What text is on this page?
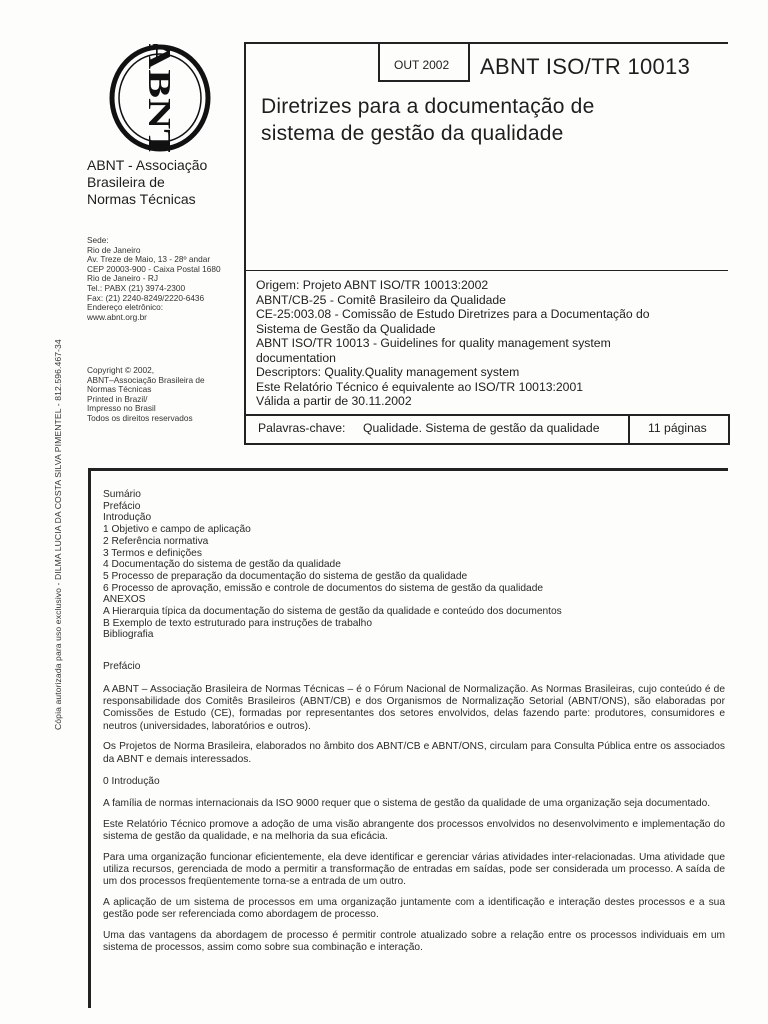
Cópia autorizada para uso exclusivo - DILMA LUCIA DA COSTA SILVA PIMENTEL - 812.596.467-34
ABNT
ABNT - Associação
Brasileira de
Normas Técnicas
Sede:
Rio de Janeiro
Av. Treze de Maio, 13 - 28º andar
CEP 20003-900 - Caixa Postal 1680
Rio de Janeiro - RJ
Tel.: PABX (21) 3974-2300
Fax: (21) 2240-8249/2220-6436
Endereço eletrônico:
www.abnt.org.br
Copyright © 2002,
ABNT–Associação Brasileira de
Normas Técnicas
Printed in Brazil/
Impresso no Brasil
Todos os direitos reservados
OUT 2002 ABNT ISO/TR 10013
Diretrizes para a documentação de
sistema de gestão da qualidade
Origem: Projeto ABNT ISO/TR 10013:2002
ABNT/CB-25 - Comitê Brasileiro da Qualidade
CE-25:003.08 - Comissão de Estudo Diretrizes para a Documentação do
Sistema de Gestão da Qualidade
ABNT ISO/TR 10013 - Guidelines for quality management system
documentation
Descriptors: Quality.Quality management system
Este Relatório Técnico é equivalente ao ISO/TR 10013:2001
Válida a partir de 30.11.2002
Palavras-chave: Qualidade. Sistema de gestão da qualidade	11 páginas
Sumário
Prefácio
Introdução
1 Objetivo e campo de aplicação
2 Referência normativa
3 Termos e definições
4 Documentação do sistema de gestão da qualidade
5 Processo de preparação da documentação do sistema de gestão da qualidade
6 Processo de aprovação, emissão e controle de documentos do sistema de gestão da qualidade
ANEXOS
A Hierarquia típica da documentação do sistema de gestão da qualidade e conteúdo dos documentos
B Exemplo de texto estruturado para instruções de trabalho
Bibliografia
Prefácio

A ABNT – Associação Brasileira de Normas Técnicas – é o Fórum Nacional de Normalização. As Normas Brasileiras, cujo conteúdo é de responsabilidade dos Comitês Brasileiros (ABNT/CB) e dos Organismos de Normalização Setorial (ABNT/ONS), são elaboradas por Comissões de Estudo (CE), formadas por representantes dos setores envolvidos, delas fazendo parte: produtores, consumidores e neutros (universidades, laboratórios e outros).

Os Projetos de Norma Brasileira, elaborados no âmbito dos ABNT/CB e ABNT/ONS, circulam para Consulta Pública entre os associados da ABNT e demais interessados.

0 Introdução

A família de normas internacionais da ISO 9000 requer que o sistema de gestão da qualidade de uma organização seja documentado.

Este Relatório Técnico promove a adoção de uma visão abrangente dos processos envolvidos no desenvolvimento e implementação do sistema de gestão da qualidade, e na melhoria da sua eficácia.

Para uma organização funcionar eficientemente, ela deve identificar e gerenciar várias atividades inter-relacionadas. Uma atividade que utiliza recursos, gerenciada de modo a permitir a transformação de entradas em saídas, pode ser considerada um processo. A saída de um dos processos freqüentemente torna-se a entrada de um outro.

A aplicação de um sistema de processos em uma organização juntamente com a identificação e interação destes processos e a sua gestão pode ser referenciada como abordagem de processo.

Uma das vantagens da abordagem de processo é permitir controle atualizado sobre a relação entre os processos individuais em um sistema de processos, assim como sobre sua combinação e interação.
